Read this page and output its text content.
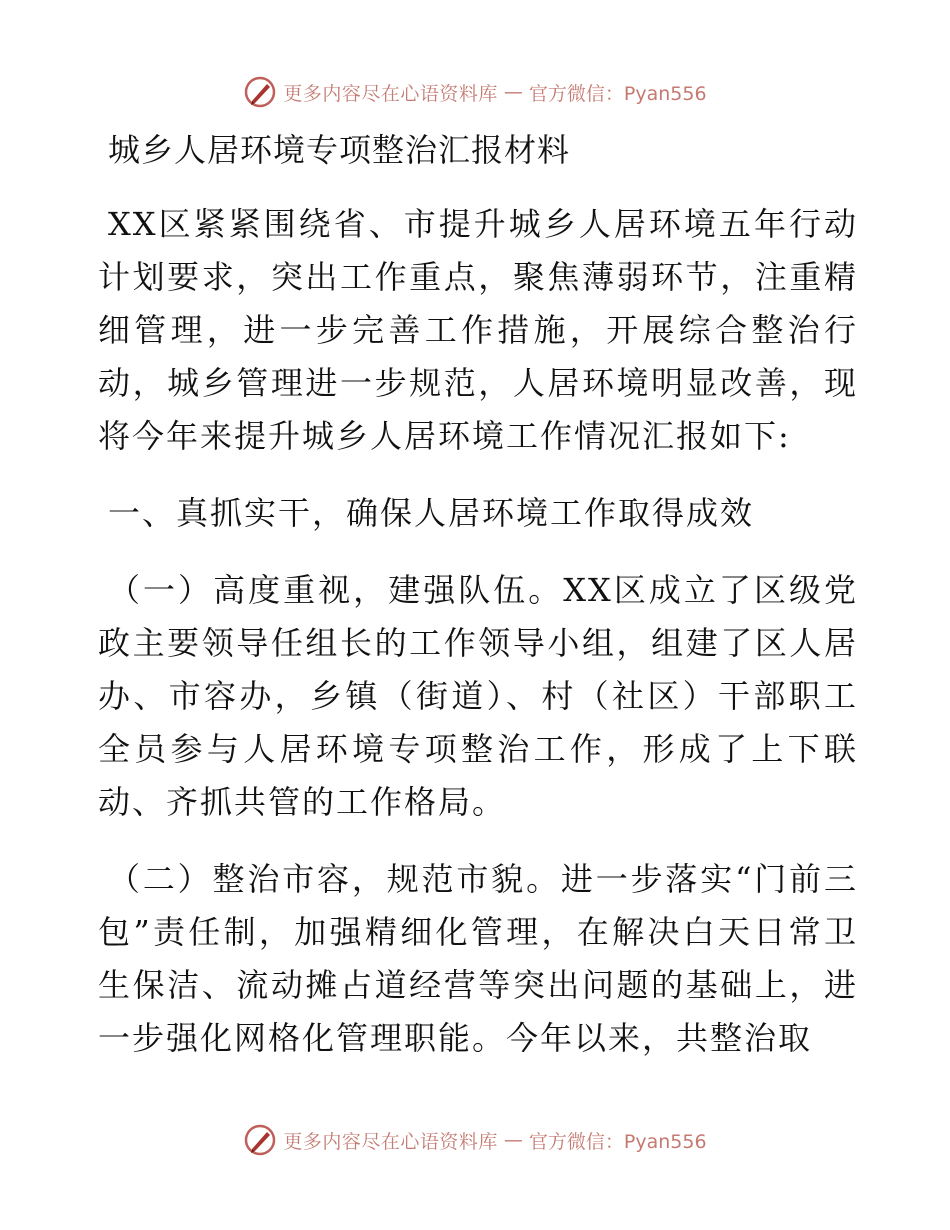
更多内容尽在心语资料库 — 官方微信：Pyan556
城乡人居环境专项整治汇报材料

XX区紧紧围绕省、市提升城乡人居环境五年行动计划要求，突出工作重点，聚焦薄弱环节，注重精细管理，进一步完善工作措施，开展综合整治行动，城乡管理进一步规范，人居环境明显改善，现将今年来提升城乡人居环境工作情况汇报如下:

一、真抓实干，确保人居环境工作取得成效

（一）高度重视，建强队伍。XX区成立了区级党政主要领导任组长的工作领导小组，组建了区人居办、市容办，乡镇（街道）、村（社区）干部职工全员参与人居环境专项整治工作，形成了上下联动、齐抓共管的工作格局。

（二）整治市容，规范市貌。进一步落实“门前三包”责任制，加强精细化管理，在解决白天日常卫生保洁、流动摊占道经营等突出问题的基础上，进一步强化网格化管理职能。今年以来，共整治取

更多内容尽在心语资料库 — 官方微信：Pyan556
